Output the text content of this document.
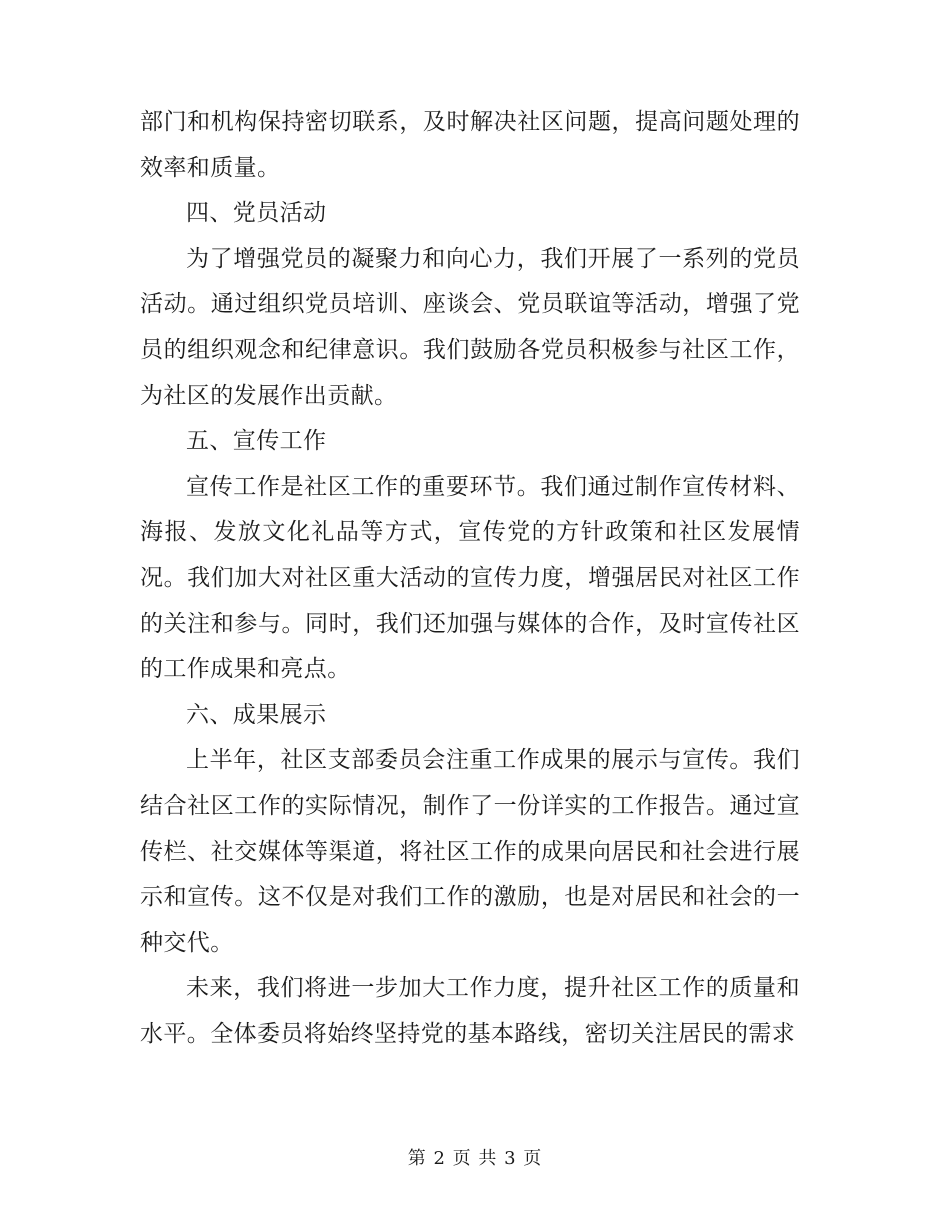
部门和机构保持密切联系，及时解决社区问题，提高问题处理的效率和质量。

四、党员活动

为了增强党员的凝聚力和向心力，我们开展了一系列的党员活动。通过组织党员培训、座谈会、党员联谊等活动，增强了党员的组织观念和纪律意识。我们鼓励各党员积极参与社区工作，为社区的发展作出贡献。

五、宣传工作

宣传工作是社区工作的重要环节。我们通过制作宣传材料、海报、发放文化礼品等方式，宣传党的方针政策和社区发展情况。我们加大对社区重大活动的宣传力度，增强居民对社区工作的关注和参与。同时，我们还加强与媒体的合作，及时宣传社区的工作成果和亮点。

六、成果展示

上半年，社区支部委员会注重工作成果的展示与宣传。我们结合社区工作的实际情况，制作了一份详实的工作报告。通过宣传栏、社交媒体等渠道，将社区工作的成果向居民和社会进行展示和宣传。这不仅是对我们工作的激励，也是对居民和社会的一种交代。

未来，我们将进一步加大工作力度，提升社区工作的质量和水平。全体委员将始终坚持党的基本路线，密切关注居民的需求

第 2 页 共 3 页
